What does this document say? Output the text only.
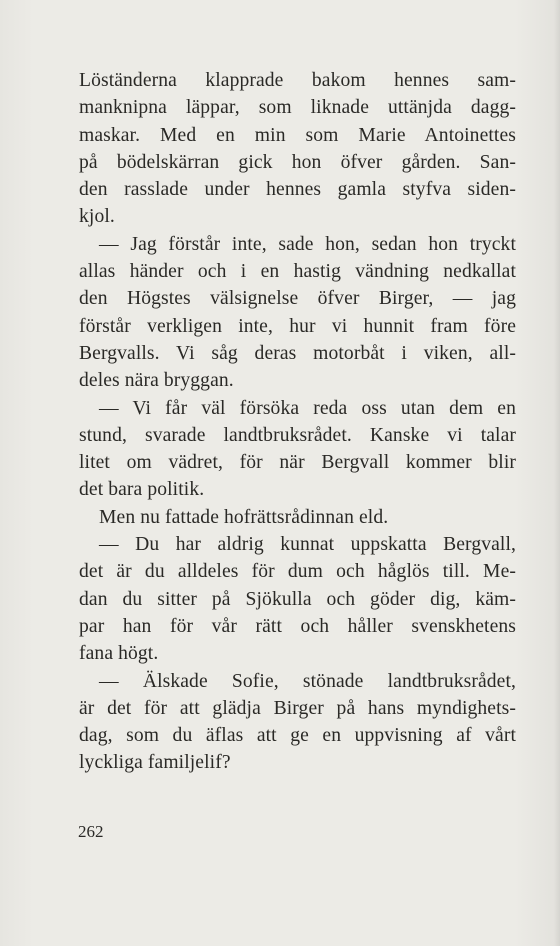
Löständerna klapprade bakom hennes sam-
manknipna läppar, som liknade uttänjda dagg-
maskar. Med en min som Marie Antoinettes
på bödelskärran gick hon öfver gården. San-
den rasslade under hennes gamla styfva siden-
kjol.
— Jag förstår inte, sade hon, sedan hon tryckt
allas händer och i en hastig vändning nedkallat
den Högstes välsignelse öfver Birger, — jag
förstår verkligen inte, hur vi hunnit fram före
Bergvalls. Vi såg deras motorbåt i viken, all-
deles nära bryggan.
— Vi får väl försöka reda oss utan dem en
stund, svarade landtbruksrådet. Kanske vi talar
litet om vädret, för när Bergvall kommer blir
det bara politik.
Men nu fattade hofrättsrådinnan eld.
— Du har aldrig kunnat uppskatta Bergvall,
det är du alldeles för dum och håglös till. Me-
dan du sitter på Sjökulla och göder dig, käm-
par han för vår rätt och håller svenskhetens
fana högt.
— Älskade Sofie, stönade landtbruksrådet,
är det för att glädja Birger på hans myndighets-
dag, som du äflas att ge en uppvisning af vårt
lyckliga familjelif?
262
